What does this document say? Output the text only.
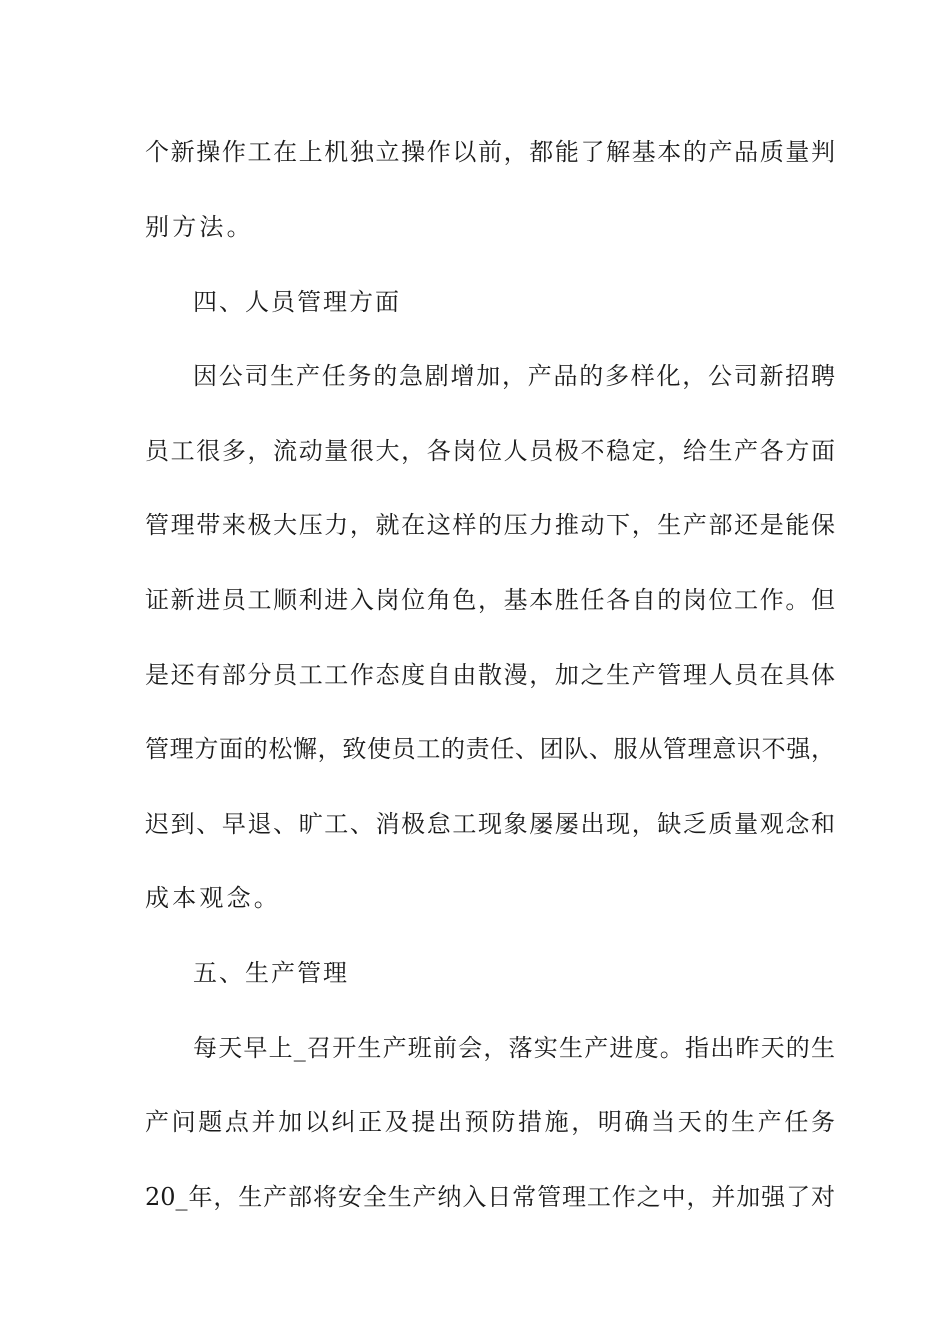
个新操作工在上机独立操作以前，都能了解基本的产品质量判
别方法。
四、人员管理方面
因公司生产任务的急剧增加，产品的多样化，公司新招聘
员工很多，流动量很大，各岗位人员极不稳定，给生产各方面
管理带来极大压力，就在这样的压力推动下，生产部还是能保
证新进员工顺利进入岗位角色，基本胜任各自的岗位工作。但
是还有部分员工工作态度自由散漫，加之生产管理人员在具体
管理方面的松懈，致使员工的责任、团队、服从管理意识不强，
迟到、早退、旷工、消极怠工现象屡屡出现，缺乏质量观念和
成本观念。
五、生产管理
每天早上_召开生产班前会，落实生产进度。指出昨天的生
产问题点并加以纠正及提出预防措施，明确当天的生产任务
20_年，生产部将安全生产纳入日常管理工作之中，并加强了对
